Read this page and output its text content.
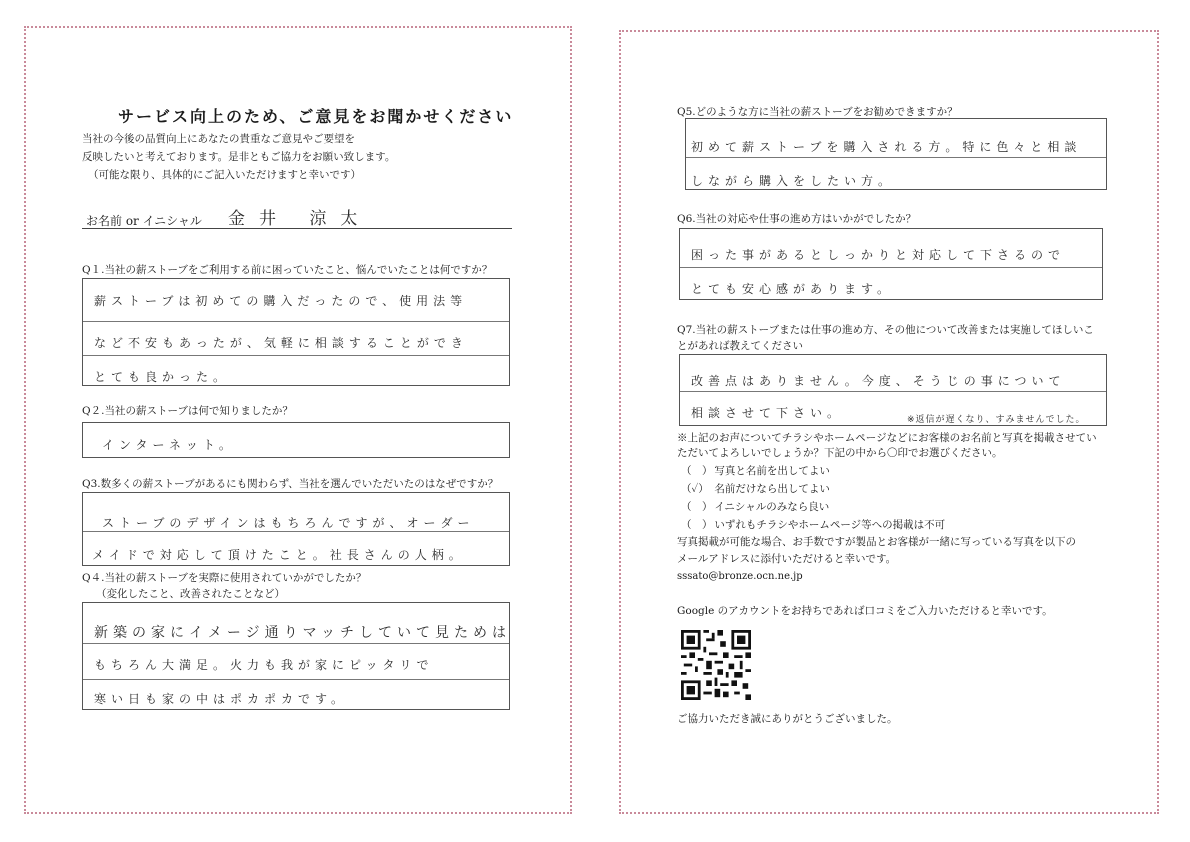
サービス向上のため、ご意見をお聞かせください
当社の今後の品質向上にあなたの貴重なご意見やご要望を
反映したいと考えております。是非ともご協力をお願い致します。
（可能な限り、具体的にご記入いただけますと幸いです）
お名前 or イニシャル 金井 涼太
Q１.当社の薪ストーブをご利用する前に困っていたこと、悩んでいたことは何ですか？
薪ストーブは初めての購入だったので、使用法等
など不安もあったが、気軽に相談することができ
とても良かった。
Q２.当社の薪ストーブは何で知りましたか？
インターネット。
Q3.数多くの薪ストーブがあるにも関わらず、当社を選んでいただいたのはなぜですか？
ストーブのデザインはもちろんですが、オーダー
メイドで対応して頂けたこと。社長さんの人柄。
Q４.当社の薪ストーブを実際に使用されていかがでしたか？
（変化したこと、改善されたことなど）
新築の家にイメージ通りマッチしていて見ためは
もちろん大満足。火力も我が家にピッタリで
寒い日も家の中はポカポカです。
Q5.どのような方に当社の薪ストーブをお勧めできますか？
初めて薪ストーブを購入される方。特に色々と相談
しながら購入をしたい方。
Q6.当社の対応や仕事の進め方はいかがでしたか？
困った事があるとしっかりと対応して下さるので
とても安心感があります。
Q7.当社の薪ストーブまたは仕事の進め方、その他について改善または実施してほしいこ
とがあれば教えてください
改善点はありません。今度、そうじの事について
相談させて下さい。	※返信が遅くなり、すみませんでした。
※上記のお声についてチラシやホームページなどにお客様のお名前と写真を掲載させてい
ただいてよろしいでしょうか？下記の中から〇印でお選びください。
（　） 写真と名前を出してよい
（✓） 名前だけなら出してよい
（　） イニシャルのみなら良い
（　） いずれもチラシやホームページ等への掲載は不可
写真掲載が可能な場合、お手数ですが製品とお客様が一緒に写っている写真を以下の
メールアドレスに添付いただけると幸いです。
sssato@bronze.ocn.ne.jp
Google のアカウントをお持ちであれば口コミをご入力いただけると幸いです。
ご協力いただき誠にありがとうございました。
